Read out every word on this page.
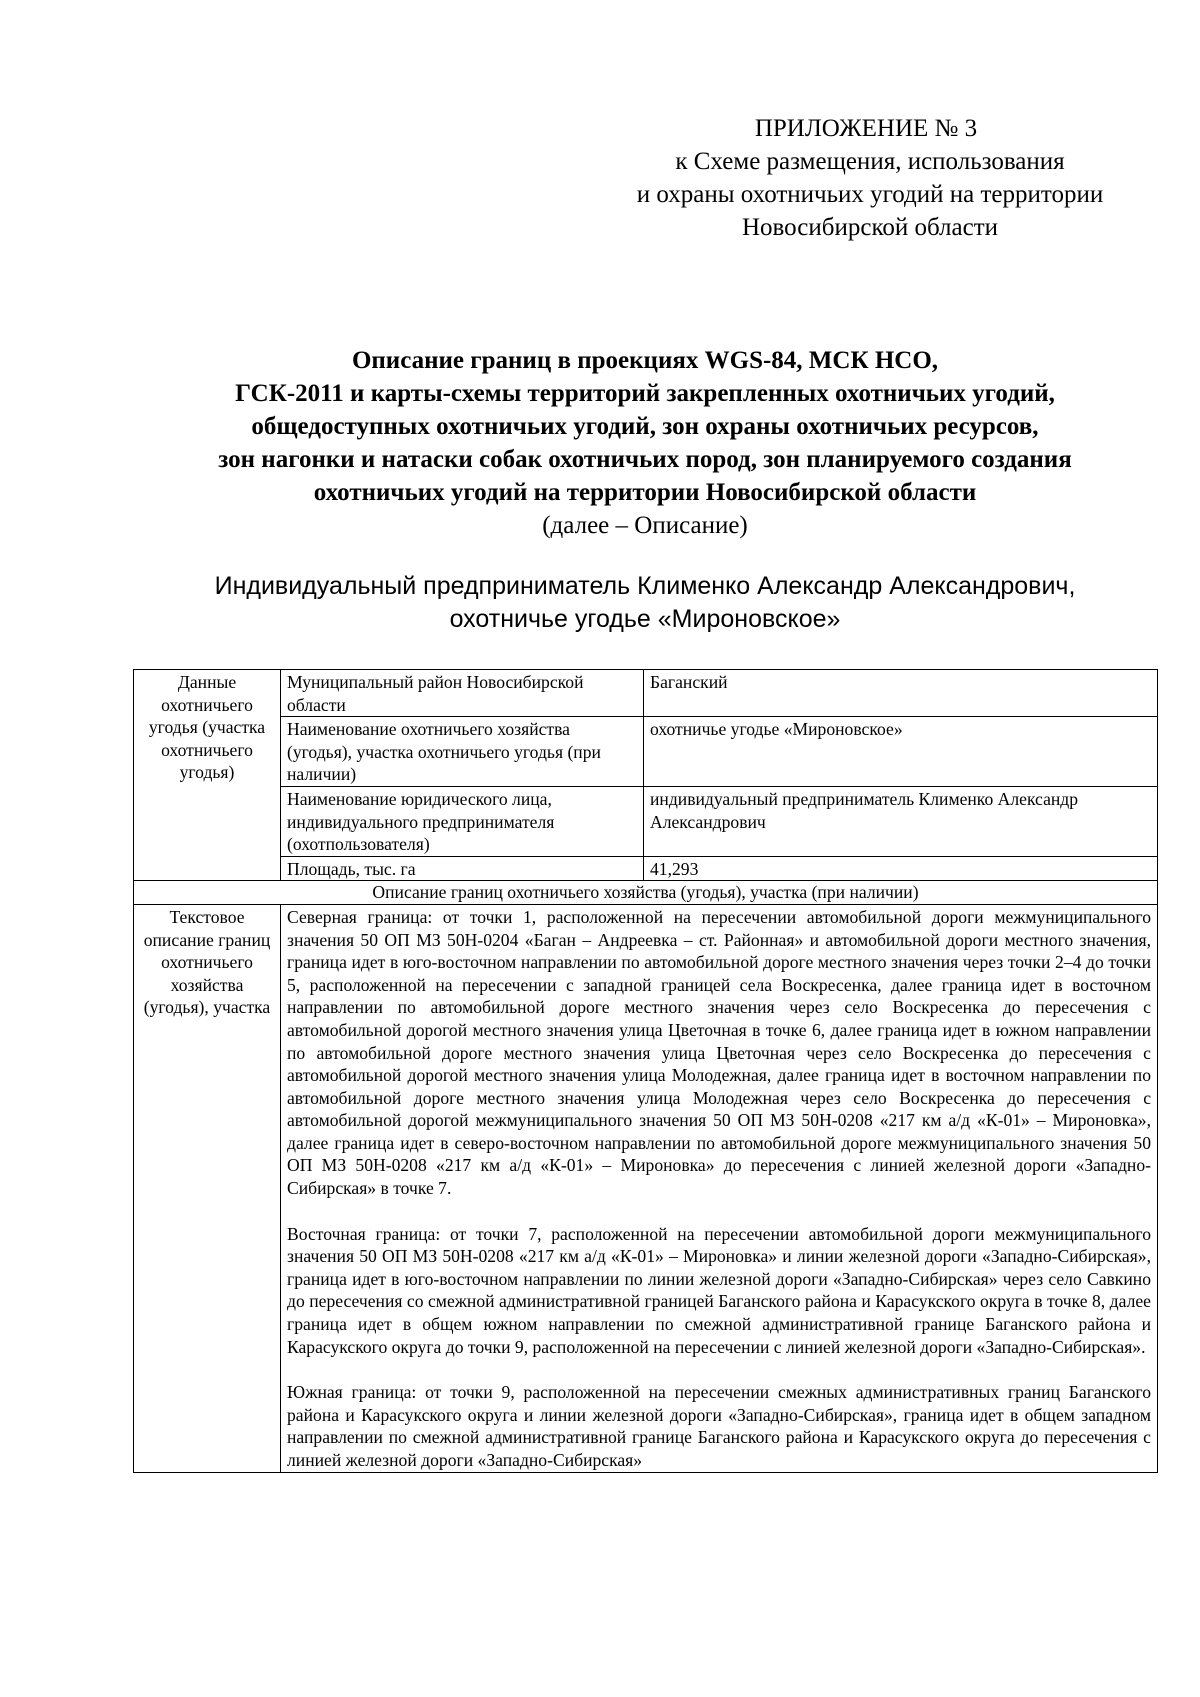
ПРИЛОЖЕНИЕ № 3
к Схеме размещения, использования
и охраны охотничьих угодий на территории
Новосибирской области
Описание границ в проекциях WGS-84, МСК НСО,
ГСК-2011 и карты-схемы территорий закрепленных охотничьих угодий,
общедоступных охотничьих угодий, зон охраны охотничьих ресурсов,
зон нагонки и натаски собак охотничьих пород, зон планируемого создания
охотничьих угодий на территории Новосибирской области
(далее – Описание)
Индивидуальный предприниматель Клименко Александр Александрович,
охотничье угодье «Мироновское»
Данные охотничьего угодья (участка охотничьего угодья)	Муниципальный район Новосибирской области	Баганский
	Наименование охотничьего хозяйства (угодья), участка охотничьего угодья (при наличии)	охотничье угодье «Мироновское»
	Наименование юридического лица, индивидуального предпринимателя (охотпользователя)	индивидуальный предприниматель Клименко Александр Александрович
	Площадь, тыс. га	41,293
Описание границ охотничьего хозяйства (угодья), участка (при наличии)		
Текстовое описание границ охотничьего хозяйства (угодья), участка	Северная граница: от точки 1, расположенной на пересечении автомобильной дороги межмуниципального значения 50 ОП МЗ 50Н-0204 «Баган – Андреевка – ст. Районная» и автомобильной дороги местного значения, граница идет в юго-восточном направлении по автомобильной дороге местного значения через точки 2–4 до точки 5, расположенной на пересечении с западной границей села Воскресенка, далее граница идет в восточном направлении по автомобильной дороге местного значения через село Воскресенка до пересечения с автомобильной дорогой местного значения улица Цветочная в точке 6, далее граница идет в южном направлении по автомобильной дороге местного значения улица Цветочная через село Воскресенка до пересечения с автомобильной дорогой местного значения улица Молодежная, далее граница идет в восточном направлении по автомобильной дороге местного значения улица Молодежная через село Воскресенка до пересечения с автомобильной дорогой межмуниципального значения 50 ОП МЗ 50Н-0208 «217 км а/д «К-01» – Мироновка», далее граница идет в северо-восточном направлении по автомобильной дороге межмуниципального значения 50 ОП МЗ 50Н-0208 «217 км а/д «К-01» – Мироновка» до пересечения с линией железной дороги «Западно-Сибирская» в точке 7.

Восточная граница: от точки 7, расположенной на пересечении автомобильной дороги межмуниципального значения 50 ОП МЗ 50Н-0208 «217 км а/д «К-01» – Мироновка» и линии железной дороги «Западно-Сибирская», граница идет в юго-восточном направлении по линии железной дороги «Западно-Сибирская» через село Савкино до пересечения со смежной административной границей Баганского района и Карасукского округа в точке 8, далее граница идет в общем южном направлении по смежной административной границе Баганского района и Карасукского округа до точки 9, расположенной на пересечении с линией железной дороги «Западно-Сибирская».

Южная граница: от точки 9, расположенной на пересечении смежных административных границ Баганского района и Карасукского округа и линии железной дороги «Западно-Сибирская», граница идет в общем западном направлении по смежной административной границе Баганского района и Карасукского округа до пересечения с линией железной дороги «Западно-Сибирская»	
